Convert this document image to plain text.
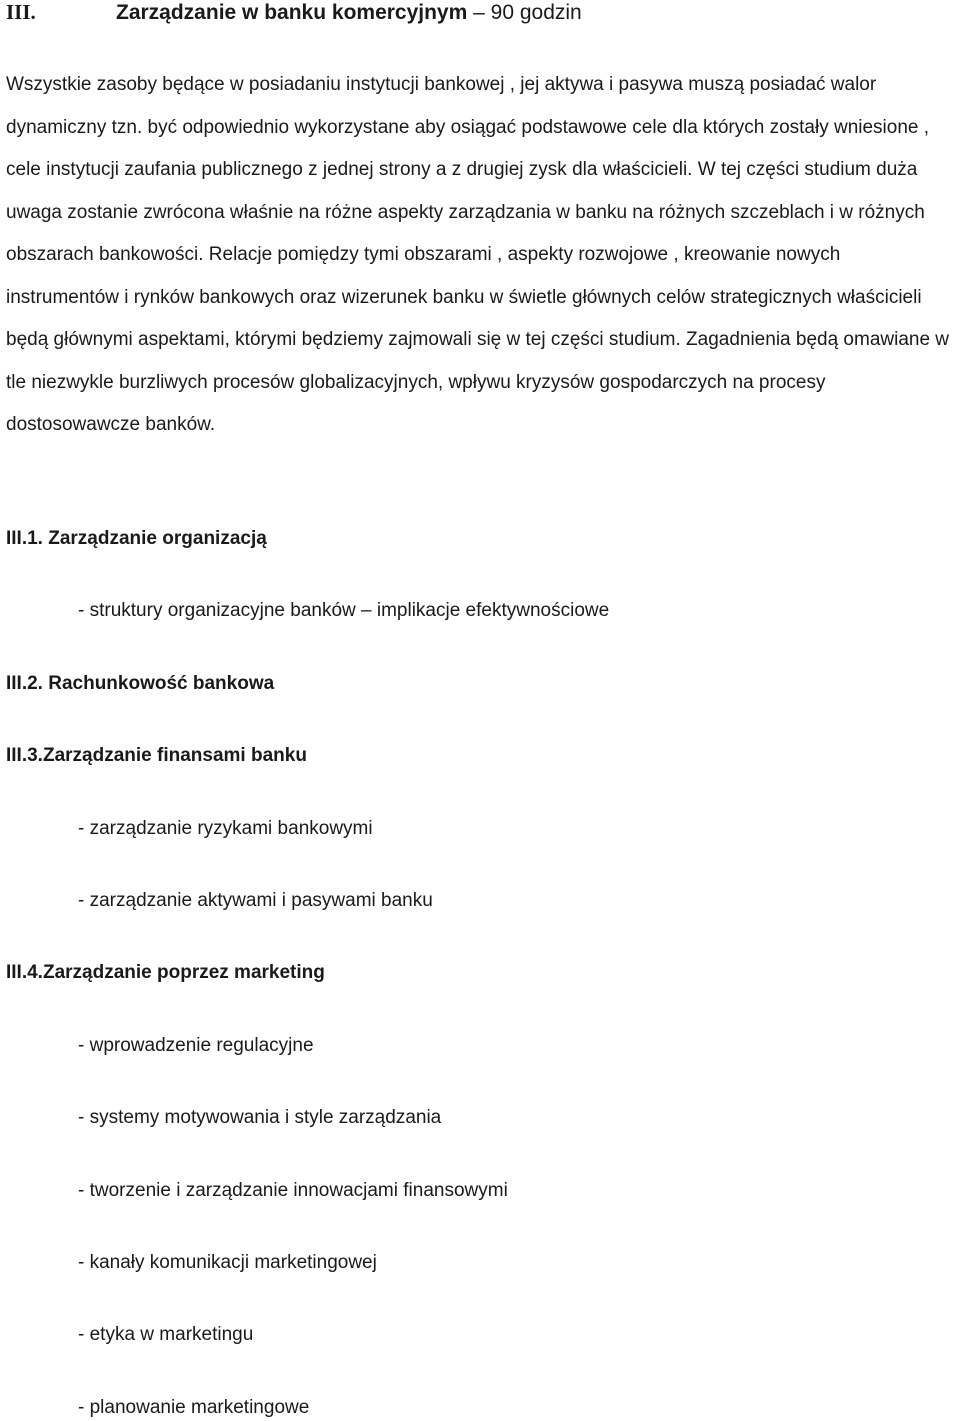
III.	Zarządzanie w banku komercyjnym – 90 godzin

Wszystkie zasoby będące w posiadaniu instytucji bankowej , jej aktywa i pasywa muszą posiadać walor dynamiczny tzn. być odpowiednio wykorzystane aby osiągać podstawowe cele dla których zostały wniesione , cele instytucji zaufania publicznego z jednej strony a z drugiej zysk dla właścicieli. W tej części studium duża uwaga zostanie zwrócona właśnie na różne aspekty zarządzania w banku na różnych szczeblach i w różnych obszarach bankowości. Relacje pomiędzy tymi obszarami , aspekty rozwojowe , kreowanie nowych instrumentów i rynków bankowych oraz wizerunek banku w świetle głównych celów strategicznych właścicieli będą głównymi aspektami, którymi będziemy zajmowali się w tej części studium. Zagadnienia będą omawiane w tle niezwykle burzliwych procesów globalizacyjnych, wpływu kryzysów gospodarczych na procesy dostosowawcze banków.

III.1. Zarządzanie organizacją
- struktury organizacyjne banków – implikacje efektywnościowe
III.2. Rachunkowość bankowa
III.3.Zarządzanie finansami banku
- zarządzanie ryzykami bankowymi
- zarządzanie aktywami i pasywami banku
III.4.Zarządzanie poprzez marketing
- wprowadzenie regulacyjne
- systemy motywowania i style zarządzania
- tworzenie i zarządzanie innowacjami finansowymi
- kanały komunikacji marketingowej
- etyka w marketingu
- planowanie marketingowe
